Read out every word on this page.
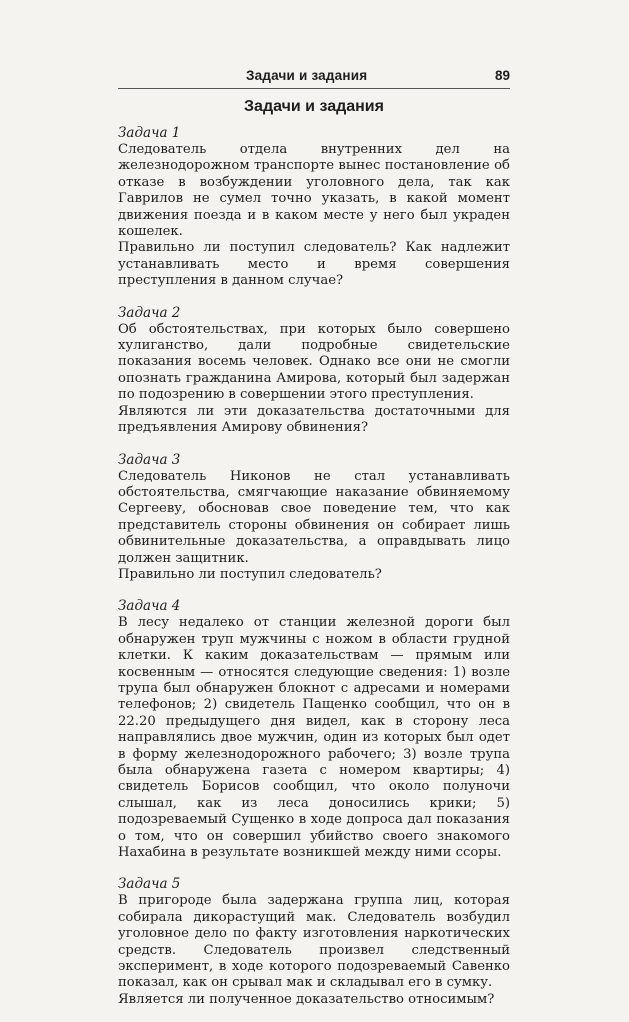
Задачи и задания	89
Задачи и задания
Задача 1

Следователь отдела внутренних дел на железнодорожном транспорте вынес постановление об отказе в возбуждении уголовного дела, так как Гаврилов не сумел точно указать, в какой момент движения поезда и в каком месте у него был украден кошелек.

Правильно ли поступил следователь? Как надлежит устанавливать место и время совершения преступления в данном случае?

Задача 2

Об обстоятельствах, при которых было совершено хулиганство, дали подробные свидетельские показания восемь человек. Однако все они не смогли опознать гражданина Амирова, который был задержан по подозрению в совершении этого преступления.

Являются ли эти доказательства достаточными для предъявления Амирову обвинения?

Задача 3

Следователь Никонов не стал устанавливать обстоятельства, смягчающие наказание обвиняемому Сергееву, обосновав свое поведение тем, что как представитель стороны обвинения он собирает лишь обвинительные доказательства, а оправдывать лицо должен защитник.

Правильно ли поступил следователь?

Задача 4

В лесу недалеко от станции железной дороги был обнаружен труп мужчины с ножом в области грудной клетки. К каким доказательствам — прямым или косвенным — относятся следующие сведения: 1) возле трупа был обнаружен блокнот с адресами и номерами телефонов; 2) свидетель Пащенко сообщил, что он в 22.20 предыдущего дня видел, как в сторону леса направлялись двое мужчин, один из которых был одет в форму железнодорожного рабочего; 3) возле трупа была обнаружена газета с номером квартиры; 4) свидетель Борисов сообщил, что около полуночи слышал, как из леса доносились крики; 5) подозреваемый Сущенко в ходе допроса дал показания о том, что он совершил убийство своего знакомого Нахабина в результате возникшей между ними ссоры.

Задача 5

В пригороде была задержана группа лиц, которая собирала дикорастущий мак. Следователь возбудил уголовное дело по факту изготовления наркотических средств. Следователь произвел следственный эксперимент, в ходе которого подозреваемый Савенко показал, как он срывал мак и складывал его в сумку.

Является ли полученное доказательство относимым?
